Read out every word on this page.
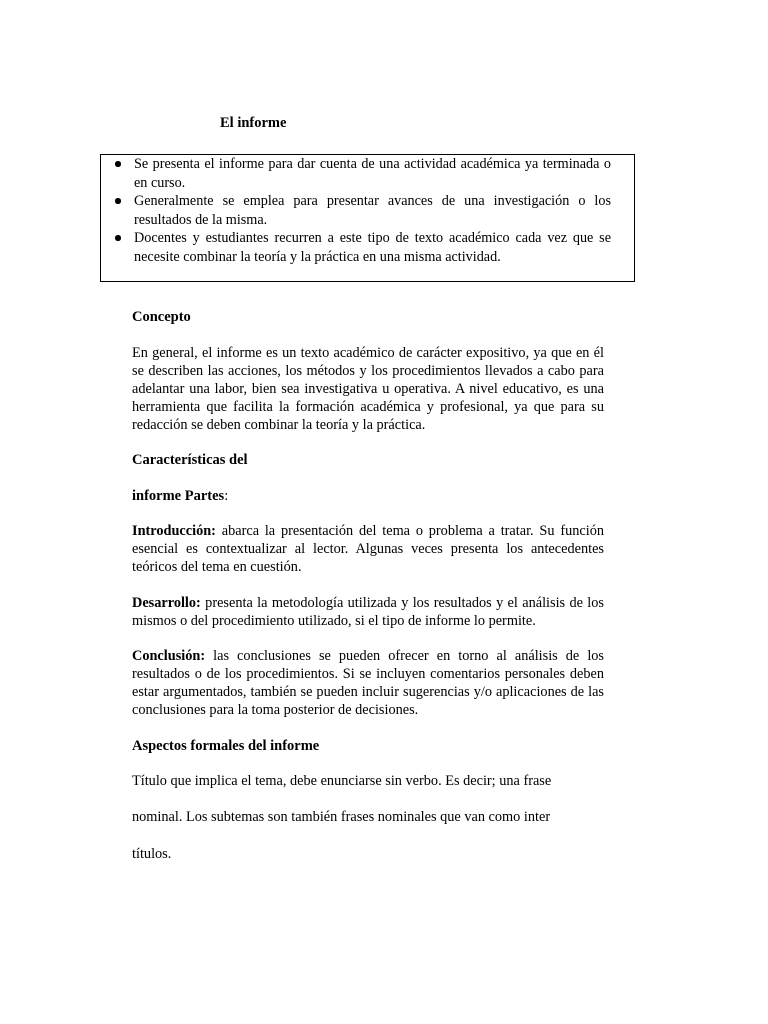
El informe
Se presenta el informe para dar cuenta de una actividad académica ya terminada o en curso.
Generalmente se emplea para presentar avances de una investigación o los resultados de la misma.
Docentes y estudiantes recurren a este tipo de texto académico cada vez que se necesite combinar la teoría y la práctica en una misma actividad.
Concepto

En general, el informe es un texto académico de carácter expositivo, ya que en él se describen las acciones, los métodos y los procedimientos llevados a cabo para adelantar una labor, bien sea investigativa u operativa. A nivel educativo, es una herramienta que facilita la formación académica y profesional, ya que para su redacción se deben combinar la teoría y la práctica.

Características del

informe Partes:

Introducción: abarca la presentación del tema o problema a tratar. Su función esencial es contextualizar al lector. Algunas veces presenta los antecedentes teóricos del tema en cuestión.

Desarrollo: presenta la metodología utilizada y los resultados y el análisis de los mismos o del procedimiento utilizado, si el tipo de informe lo permite.

Conclusión: las conclusiones se pueden ofrecer en torno al análisis de los resultados o de los procedimientos. Si se incluyen comentarios personales deben estar argumentados, también se pueden incluir sugerencias y/o aplicaciones de las conclusiones para la toma posterior de decisiones.

Aspectos formales del informe

Título que implica el tema, debe enunciarse sin verbo. Es decir; una frase

nominal. Los subtemas son también frases nominales que van como inter

títulos.
